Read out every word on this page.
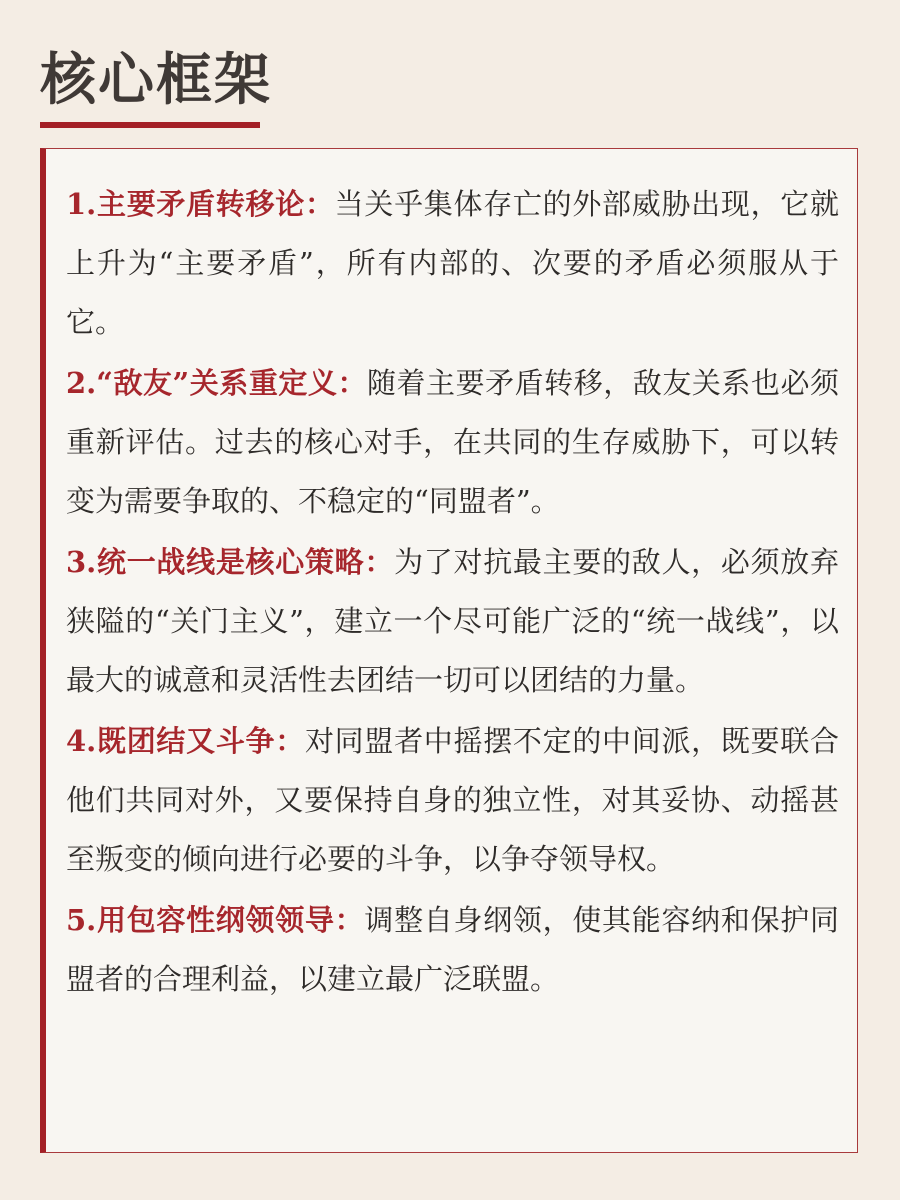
核心框架
1.主要矛盾转移论：当关乎集体存亡的外部威胁出现，它就上升为“主要矛盾”，所有内部的、次要的矛盾必须服从于它。
2.“敌友”关系重定义：随着主要矛盾转移，敌友关系也必须重新评估。过去的核心对手，在共同的生存威胁下，可以转变为需要争取的、不稳定的“同盟者”。
3.统一战线是核心策略：为了对抗最主要的敌人，必须放弃狭隘的“关门主义”，建立一个尽可能广泛的“统一战线”，以最大的诚意和灵活性去团结一切可以团结的力量。
4.既团结又斗争：对同盟者中摇摆不定的中间派，既要联合他们共同对外，又要保持自身的独立性，对其妥协、动摇甚至叛变的倾向进行必要的斗争，以争夺领导权。
5.用包容性纲领领导：调整自身纲领，使其能容纳和保护同盟者的合理利益，以建立最广泛联盟。
